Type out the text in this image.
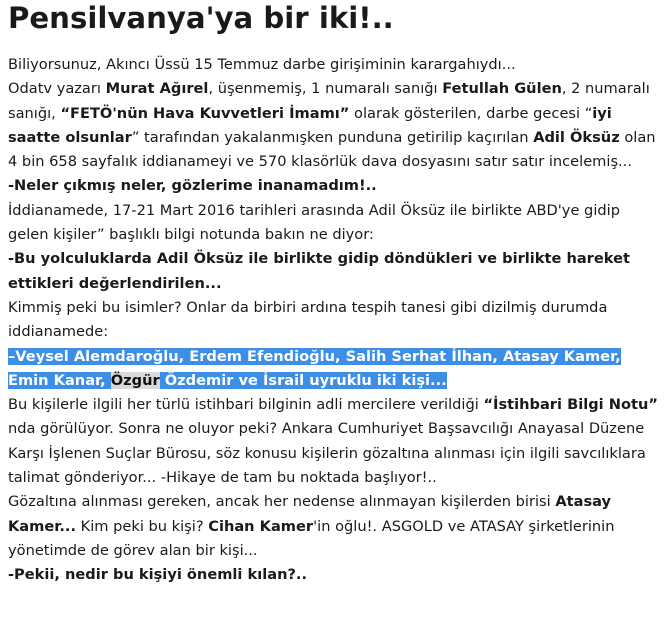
Pensilvanya'ya bir iki!..

Biliyorsunuz, Akıncı Üssü 15 Temmuz darbe girişiminin karargahıydı...

Odatv yazarı Murat Ağırel, üşenmemiş, 1 numaralı sanığı Fetullah Gülen, 2 numaralı sanığı, “FETÖ'nün Hava Kuvvetleri İmamı” olarak gösterilen, darbe gecesi “iyi saatte olsunlar” tarafından yakalanmışken punduna getirilip kaçırılan Adil Öksüz olan 4 bin 658 sayfalık iddianameyi ve 570 klasörlük dava dosyasını satır satır incelemiş...

-Neler çıkmış neler, gözlerime inanamadım!..

İddianamede, 17-21 Mart 2016 tarihleri arasında Adil Öksüz ile birlikte ABD'ye gidip gelen kişiler” başlıklı bilgi notunda bakın ne diyor:

-Bu yolculuklarda Adil Öksüz ile birlikte gidip döndükleri ve birlikte hareket ettikleri değerlendirilen...

Kimmiş peki bu isimler? Onlar da birbiri ardına tespih tanesi gibi dizilmiş durumda iddianamede:

–Veysel Alemdaroğlu, Erdem Efendioğlu, Salih Serhat İlhan, Atasay Kamer, Emin Kanar, Özgür Özdemir ve İsrail uyruklu iki kişi...

Bu kişilerle ilgili her türlü istihbari bilginin adli mercilere verildiği “İstihbari Bilgi Notu” nda görülüyor. Sonra ne oluyor peki? Ankara Cumhuriyet Başsavcılığı Anayasal Düzene Karşı İşlenen Suçlar Bürosu, söz konusu kişilerin gözaltına alınması için ilgili savcılıklara talimat gönderiyor... -Hikaye de tam bu noktada başlıyor!..

Gözaltına alınması gereken, ancak her nedense alınmayan kişilerden birisi Atasay Kamer... Kim peki bu kişi? Cihan Kamer'in oğlu!. ASGOLD ve ATASAY şirketlerinin yönetimde de görev alan bir kişi...

-Pekii, nedir bu kişiyi önemli kılan?..
